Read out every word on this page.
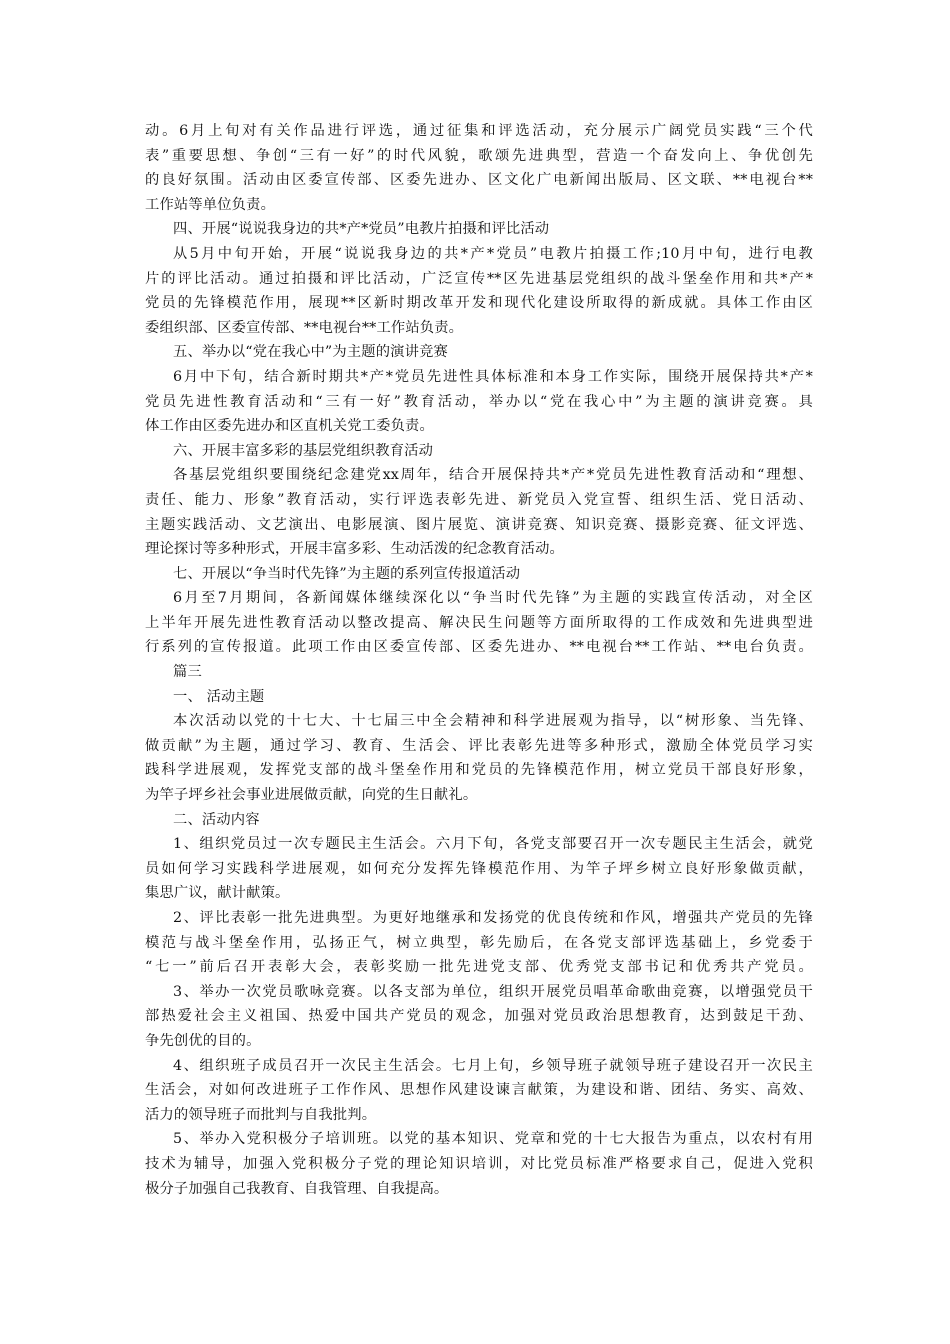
动。6月上旬对有关作品进行评选，通过征集和评选活动，充分展示广阔党员实践“三个代
表”重要思想、争创“三有一好”的时代风貌，歌颂先进典型，营造一个奋发向上、争优创先
的良好氛围。活动由区委宣传部、区委先进办、区文化广电新闻出版局、区文联、**电视台**
工作站等单位负责。
四、开展“说说我身边的共*产*党员”电教片拍摄和评比活动
从5月中旬开始，开展“说说我身边的共*产*党员”电教片拍摄工作;10月中旬，进行电教
片的评比活动。通过拍摄和评比活动，广泛宣传**区先进基层党组织的战斗堡垒作用和共*产*
党员的先锋模范作用，展现**区新时期改革开发和现代化建设所取得的新成就。具体工作由区
委组织部、区委宣传部、**电视台**工作站负责。
五、举办以“党在我心中”为主题的演讲竞赛
6月中下旬，结合新时期共*产*党员先进性具体标准和本身工作实际，围绕开展保持共*产*
党员先进性教育活动和“三有一好”教育活动，举办以“党在我心中”为主题的演讲竞赛。具
体工作由区委先进办和区直机关党工委负责。
六、开展丰富多彩的基层党组织教育活动
各基层党组织要围绕纪念建党xx周年，结合开展保持共*产*党员先进性教育活动和“理想、
责任、能力、形象”教育活动，实行评选表彰先进、新党员入党宣誓、组织生活、党日活动、
主题实践活动、文艺演出、电影展演、图片展览、演讲竞赛、知识竞赛、摄影竞赛、征文评选、
理论探讨等多种形式，开展丰富多彩、生动活泼的纪念教育活动。
七、开展以“争当时代先锋”为主题的系列宣传报道活动
6月至7月期间，各新闻媒体继续深化以“争当时代先锋”为主题的实践宣传活动，对全区
上半年开展先进性教育活动以整改提高、解决民生问题等方面所取得的工作成效和先进典型进
行系列的宣传报道。此项工作由区委宣传部、区委先进办、**电视台**工作站、**电台负责。
篇三
一、 活动主题
本次活动以党的十七大、十七届三中全会精神和科学进展观为指导，以“树形象、当先锋、
做贡献”为主题，通过学习、教育、生活会、评比表彰先进等多种形式，激励全体党员学习实
践科学进展观，发挥党支部的战斗堡垒作用和党员的先锋模范作用，树立党员干部良好形象，
为竿子坪乡社会事业进展做贡献，向党的生日献礼。
二、活动内容
1、组织党员过一次专题民主生活会。六月下旬，各党支部要召开一次专题民主生活会，就党
员如何学习实践科学进展观，如何充分发挥先锋模范作用、为竿子坪乡树立良好形象做贡献，
集思广议，献计献策。
2、评比表彰一批先进典型。为更好地继承和发扬党的优良传统和作风，增强共产党员的先锋
模范与战斗堡垒作用，弘扬正气，树立典型，彰先励后，在各党支部评选基础上，乡党委于
“七一”前后召开表彰大会，表彰奖励一批先进党支部、优秀党支部书记和优秀共产党员。
3、举办一次党员歌咏竞赛。以各支部为单位，组织开展党员唱革命歌曲竞赛，以增强党员干
部热爱社会主义祖国、热爱中国共产党员的观念，加强对党员政治思想教育，达到鼓足干劲、
争先创优的目的。
4、组织班子成员召开一次民主生活会。七月上旬，乡领导班子就领导班子建设召开一次民主
生活会，对如何改进班子工作作风、思想作风建设谏言献策，为建设和谐、团结、务实、高效、
活力的领导班子而批判与自我批判。
5、举办入党积极分子培训班。以党的基本知识、党章和党的十七大报告为重点，以农村有用
技术为辅导，加强入党积极分子党的理论知识培训，对比党员标准严格要求自己，促进入党积
极分子加强自己我教育、自我管理、自我提高。
